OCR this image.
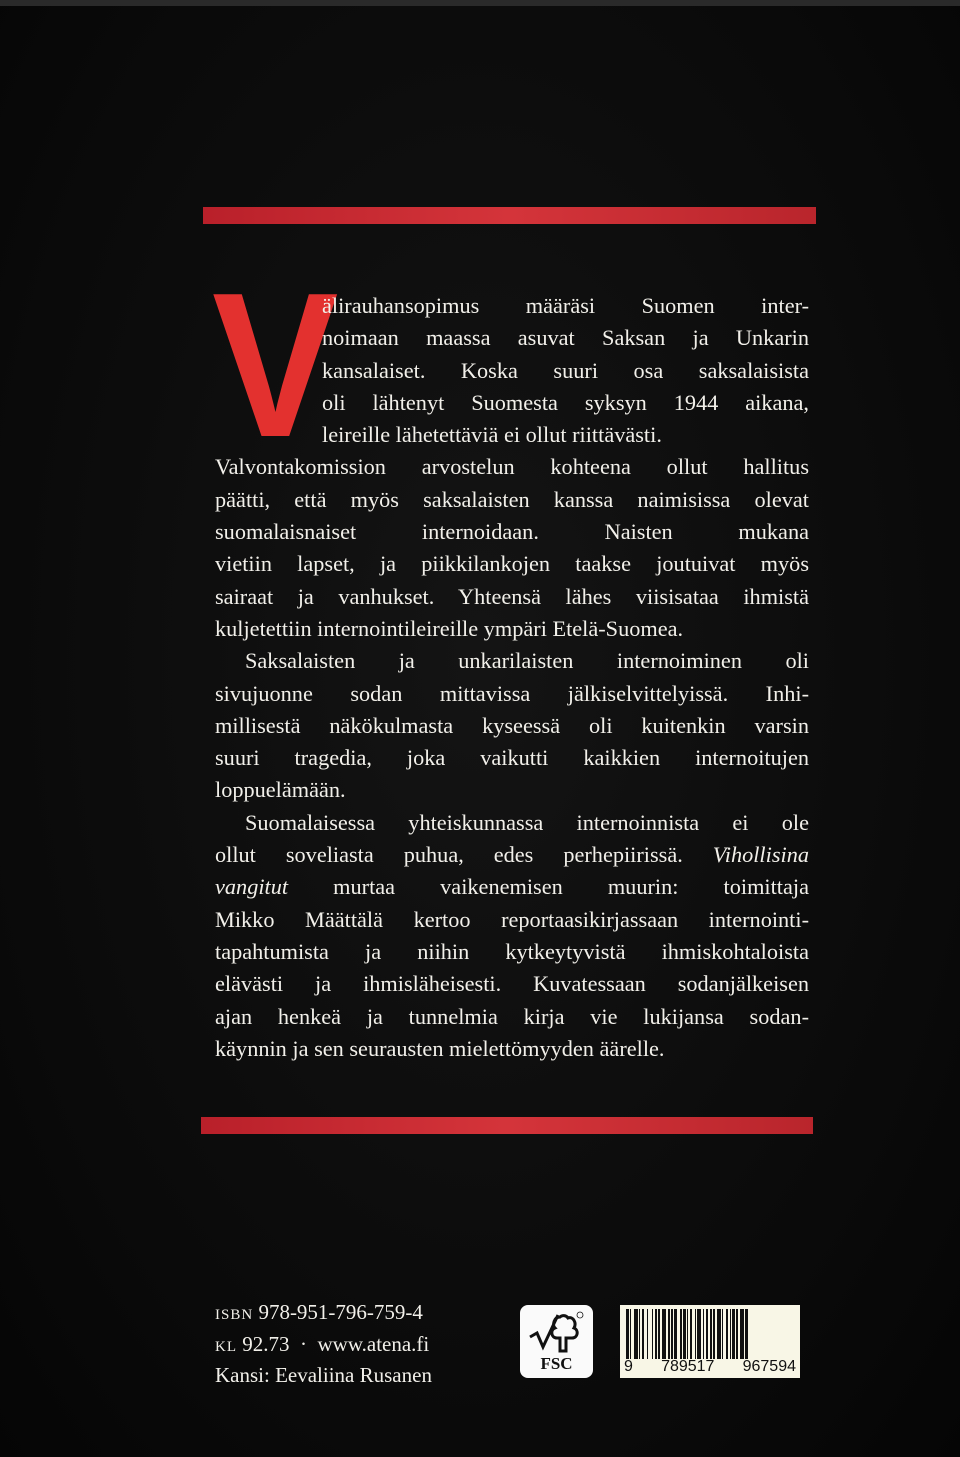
V
älirauhansopimus määräsi Suomen inter-
noimaan maassa asuvat Saksan ja Unkarin
kansalaiset. Koska suuri osa saksalaisista
oli lähtenyt Suomesta syksyn 1944 aikana,
leireille lähetettäviä ei ollut riittävästi.
Valvontakomission arvostelun kohteena ollut hallitus
päätti, että myös saksalaisten kanssa naimisissa olevat
suomalaisnaiset internoidaan. Naisten mukana
vietiin lapset, ja piikkilankojen taakse joutuivat myös
sairaat ja vanhukset. Yhteensä lähes viisisataa ihmistä
kuljetettiin internointileireille ympäri Etelä-Suomea.
Saksalaisten ja unkarilaisten internoiminen oli
sivujuonne sodan mittavissa jälkiselvittelyissä. Inhi-
millisestä näkökulmasta kyseessä oli kuitenkin varsin
suuri tragedia, joka vaikutti kaikkien internoitujen
loppuelämään.
Suomalaisessa yhteiskunnassa internoinnista ei ole
ollut soveliasta puhua, edes perhepiirissä. Vihollisina
vangitut murtaa vaikenemisen muurin: toimittaja
Mikko Määttälä kertoo reportaasikirjassaan internointi-
tapahtumista ja niihin kytkeytyvistä ihmiskohtaloista
elävästi ja ihmisläheisesti. Kuvatessaan sodanjälkeisen
ajan henkeä ja tunnelmia kirja vie lukijansa sodan-
käynnin ja sen seurausten mielettömyyden äärelle.
ISBN 978-951-796-759-4
KL 92.73 · www.atena.fi
Kansi: Eevaliina Rusanen	FSC	9 789517 967594
